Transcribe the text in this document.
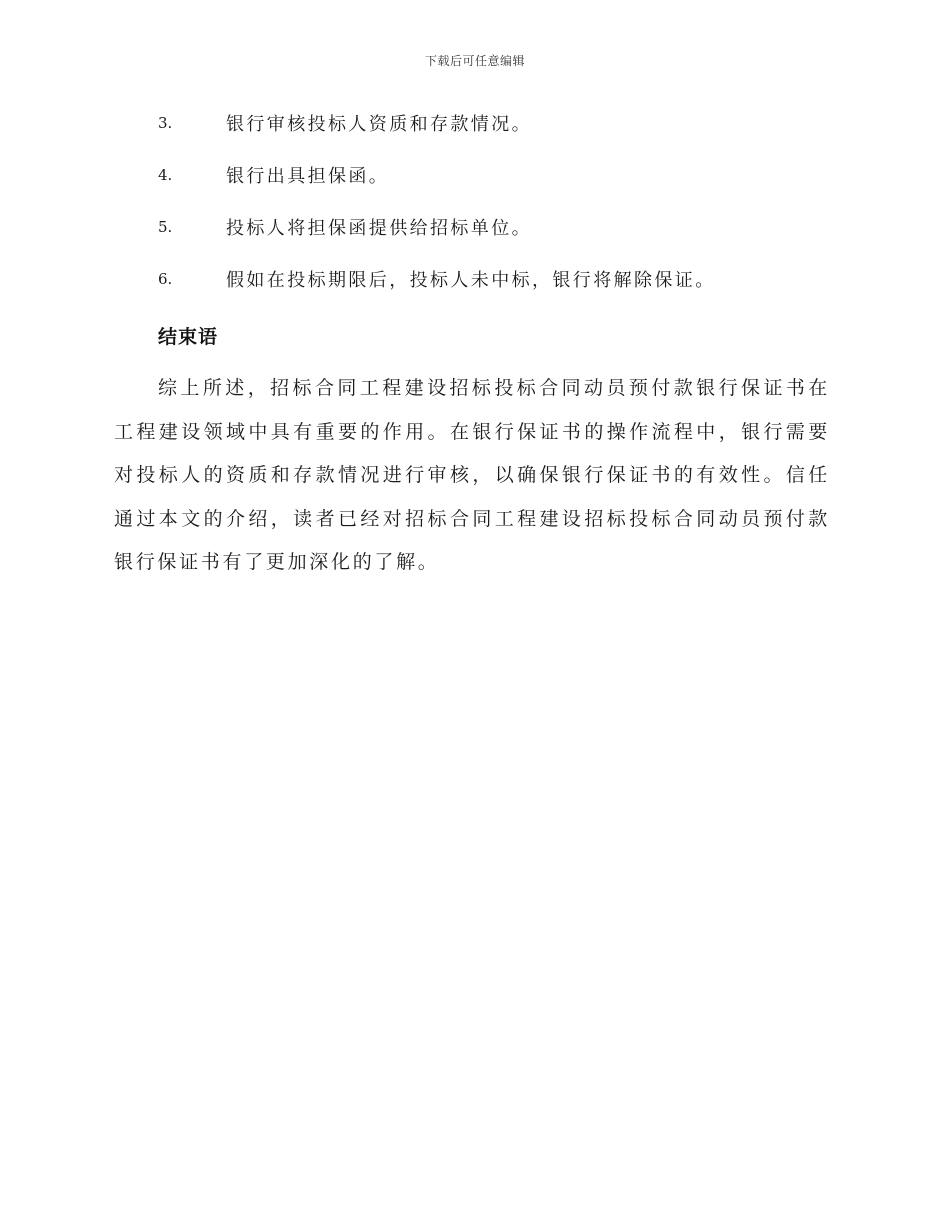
下载后可任意编辑
3.	银行审核投标人资质和存款情况。
4.	银行出具担保函。
5.	投标人将担保函提供给招标单位。
6.	假如在投标期限后，投标人未中标，银行将解除保证。
结束语

综上所述，招标合同工程建设招标投标合同动员预付款银行保证书在工程建设领域中具有重要的作用。在银行保证书的操作流程中，银行需要对投标人的资质和存款情况进行审核，以确保银行保证书的有效性。信任通过本文的介绍，读者已经对招标合同工程建设招标投标合同动员预付款银行保证书有了更加深化的了解。
